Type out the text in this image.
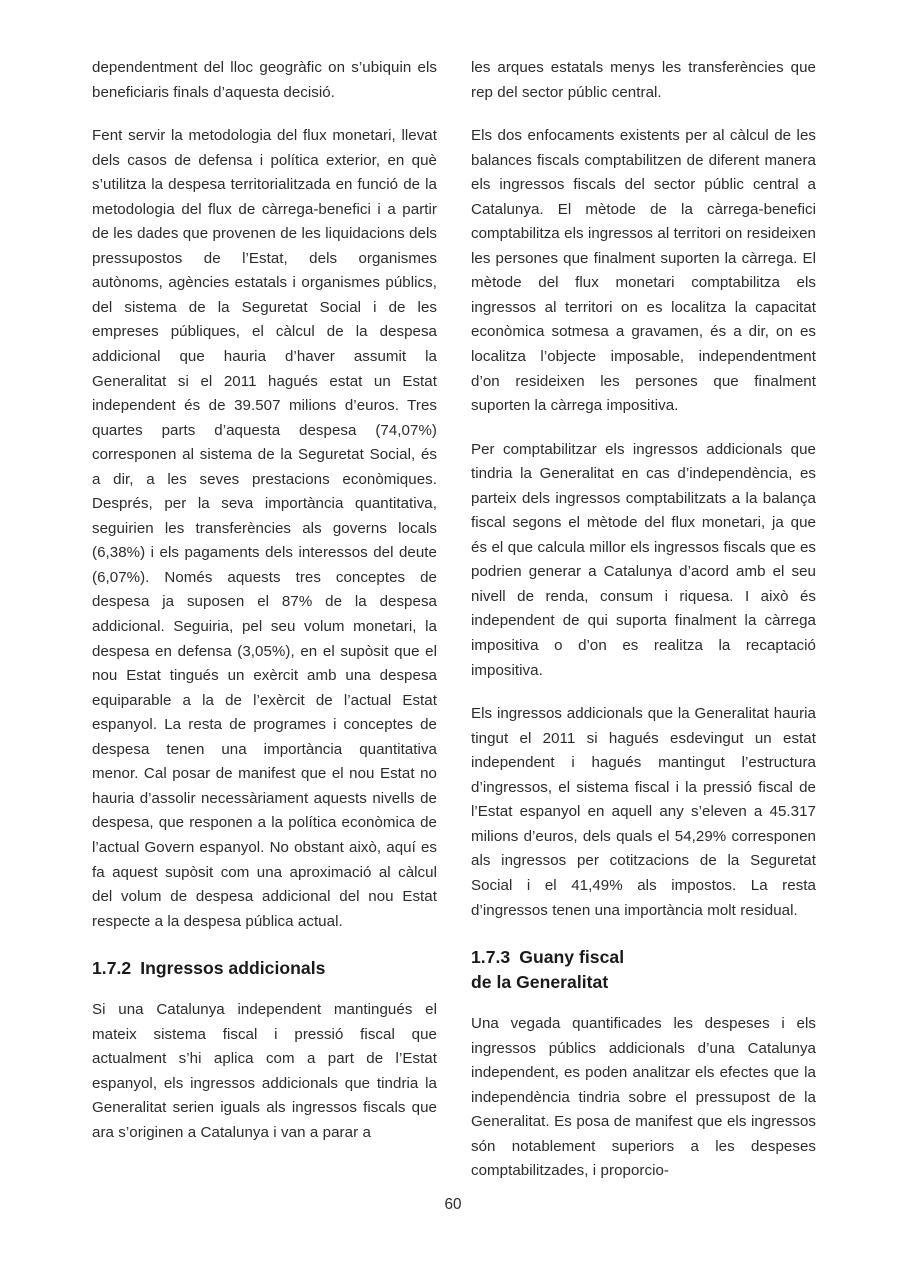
dependentment del lloc geogràfic on s’ubiquin els beneficiaris finals d’aquesta decisió.

Fent servir la metodologia del flux monetari, llevat dels casos de defensa i política exterior, en què s’utilitza la despesa territorialitzada en funció de la metodologia del flux de càrrega-benefici i a partir de les dades que provenen de les liquidacions dels pressupostos de l’Estat, dels organismes autònoms, agències estatals i organismes públics, del sistema de la Seguretat Social i de les empreses públiques, el càlcul de la despesa addicional que hauria d’haver assumit la Generalitat si el 2011 hagués estat un Estat independent és de 39.507 milions d’euros. Tres quartes parts d’aquesta despesa (74,07%) corresponen al sistema de la Seguretat Social, és a dir, a les seves prestacions econòmiques. Després, per la seva importància quantitativa, seguirien les transferències als governs locals (6,38%) i els pagaments dels interessos del deute (6,07%). Només aquests tres conceptes de despesa ja suposen el 87% de la despesa addicional. Seguiria, pel seu volum monetari, la despesa en defensa (3,05%), en el supòsit que el nou Estat tingués un exèrcit amb una despesa equiparable a la de l’exèrcit de l’actual Estat espanyol. La resta de programes i conceptes de despesa tenen una importància quantitativa menor. Cal posar de manifest que el nou Estat no hauria d’assolir necessàriament aquests nivells de despesa, que responen a la política econòmica de l’actual Govern espanyol. No obstant això, aquí es fa aquest supòsit com una aproximació al càlcul del volum de despesa addicional del nou Estat respecte a la despesa pública actual.

1.7.2 Ingressos addicionals

Si una Catalunya independent mantingués el mateix sistema fiscal i pressió fiscal que actualment s’hi aplica com a part de l’Estat espanyol, els ingressos addicionals que tindria la Generalitat serien iguals als ingressos fiscals que ara s’originen a Catalunya i van a parar a

les arques estatals menys les transferències que rep del sector públic central.

Els dos enfocaments existents per al càlcul de les balances fiscals comptabilitzen de diferent manera els ingressos fiscals del sector públic central a Catalunya. El mètode de la càrrega-benefici comptabilitza els ingressos al territori on resideixen les persones que finalment suporten la càrrega. El mètode del flux monetari comptabilitza els ingressos al territori on es localitza la capacitat econòmica sotmesa a gravamen, és a dir, on es localitza l’objecte imposable, independentment d’on resideixen les persones que finalment suporten la càrrega impositiva.

Per comptabilitzar els ingressos addicionals que tindria la Generalitat en cas d’independència, es parteix dels ingressos comptabilitzats a la balança fiscal segons el mètode del flux monetari, ja que és el que calcula millor els ingressos fiscals que es podrien generar a Catalunya d’acord amb el seu nivell de renda, consum i riquesa. I això és independent de qui suporta finalment la càrrega impositiva o d’on es realitza la recaptació impositiva.

Els ingressos addicionals que la Generalitat hauria tingut el 2011 si hagués esdevingut un estat independent i hagués mantingut l’estructura d’ingressos, el sistema fiscal i la pressió fiscal de l’Estat espanyol en aquell any s’eleven a 45.317 milions d’euros, dels quals el 54,29% corresponen als ingressos per cotitzacions de la Seguretat Social i el 41,49% als impostos. La resta d’ingressos tenen una importància molt residual.

1.7.3 Guany fiscal
de la Generalitat

Una vegada quantificades les despeses i els ingressos públics addicionals d’una Catalunya independent, es poden analitzar els efectes que la independència tindria sobre el pressupost de la Generalitat. Es posa de manifest que els ingressos són notablement superiors a les despeses comptabilitzades, i proporcio-

60
